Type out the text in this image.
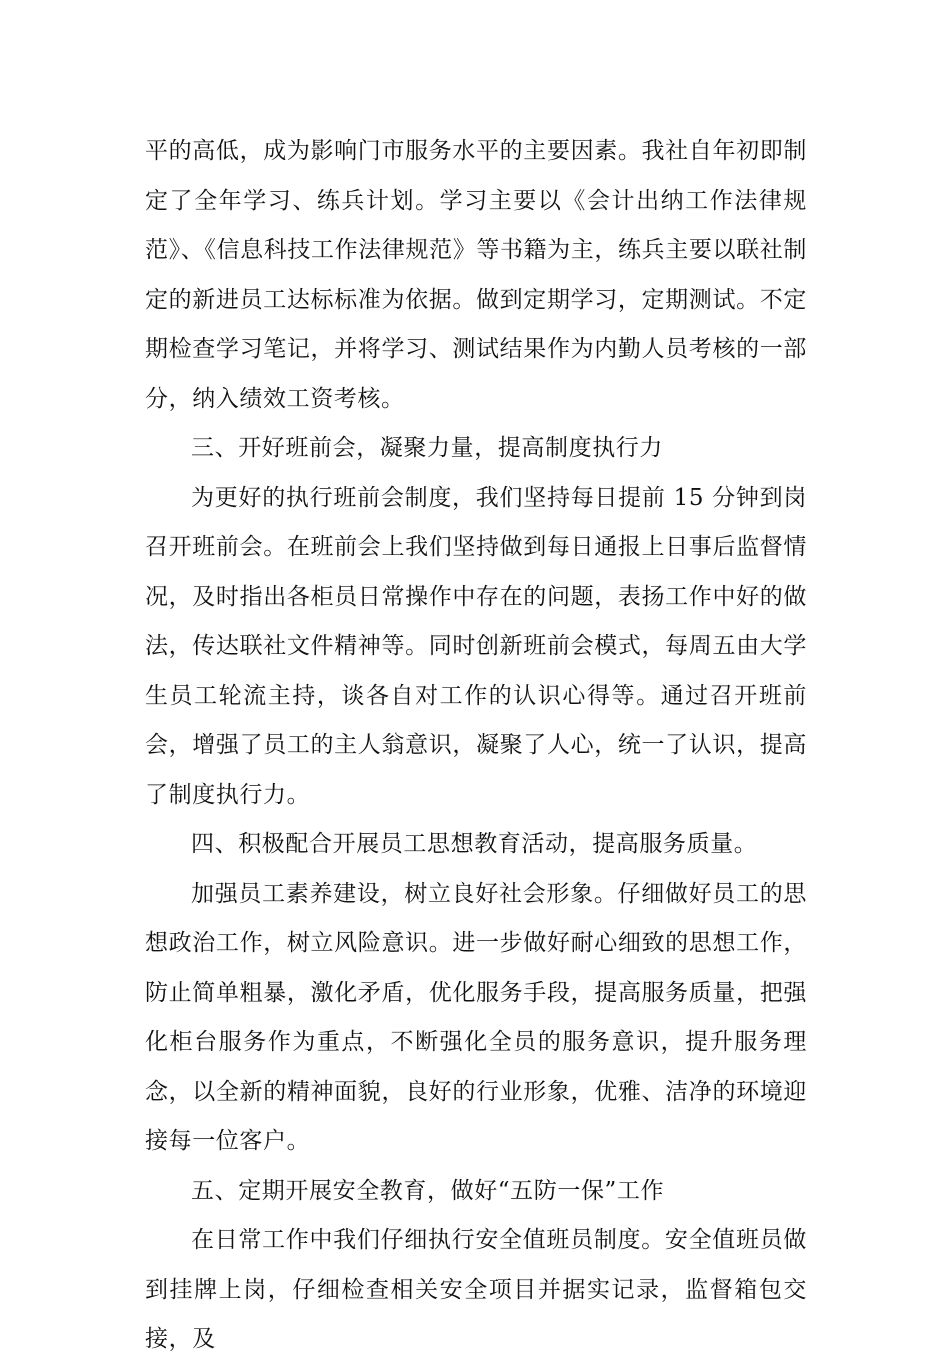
平的高低，成为影响门市服务水平的主要因素。我社自年初即制定了全年学习、练兵计划。学习主要以《会计出纳工作法律规范》、《信息科技工作法律规范》等书籍为主，练兵主要以联社制定的新进员工达标标准为依据。做到定期学习，定期测试。不定期检查学习笔记，并将学习、测试结果作为内勤人员考核的一部分，纳入绩效工资考核。

三、开好班前会，凝聚力量，提高制度执行力

为更好的执行班前会制度，我们坚持每日提前 15 分钟到岗召开班前会。在班前会上我们坚持做到每日通报上日事后监督情况，及时指出各柜员日常操作中存在的问题，表扬工作中好的做法，传达联社文件精神等。同时创新班前会模式，每周五由大学生员工轮流主持，谈各自对工作的认识心得等。通过召开班前会，增强了员工的主人翁意识，凝聚了人心，统一了认识，提高了制度执行力。

四、积极配合开展员工思想教育活动，提高服务质量。

加强员工素养建设，树立良好社会形象。仔细做好员工的思想政治工作，树立风险意识。进一步做好耐心细致的思想工作，防止简单粗暴，激化矛盾，优化服务手段，提高服务质量，把强化柜台服务作为重点，不断强化全员的服务意识，提升服务理念，以全新的精神面貌，良好的行业形象，优雅、洁净的环境迎接每一位客户。

五、定期开展安全教育，做好“五防一保”工作

在日常工作中我们仔细执行安全值班员制度。安全值班员做到挂牌上岗，仔细检查相关安全项目并据实记录，监督箱包交接，及
